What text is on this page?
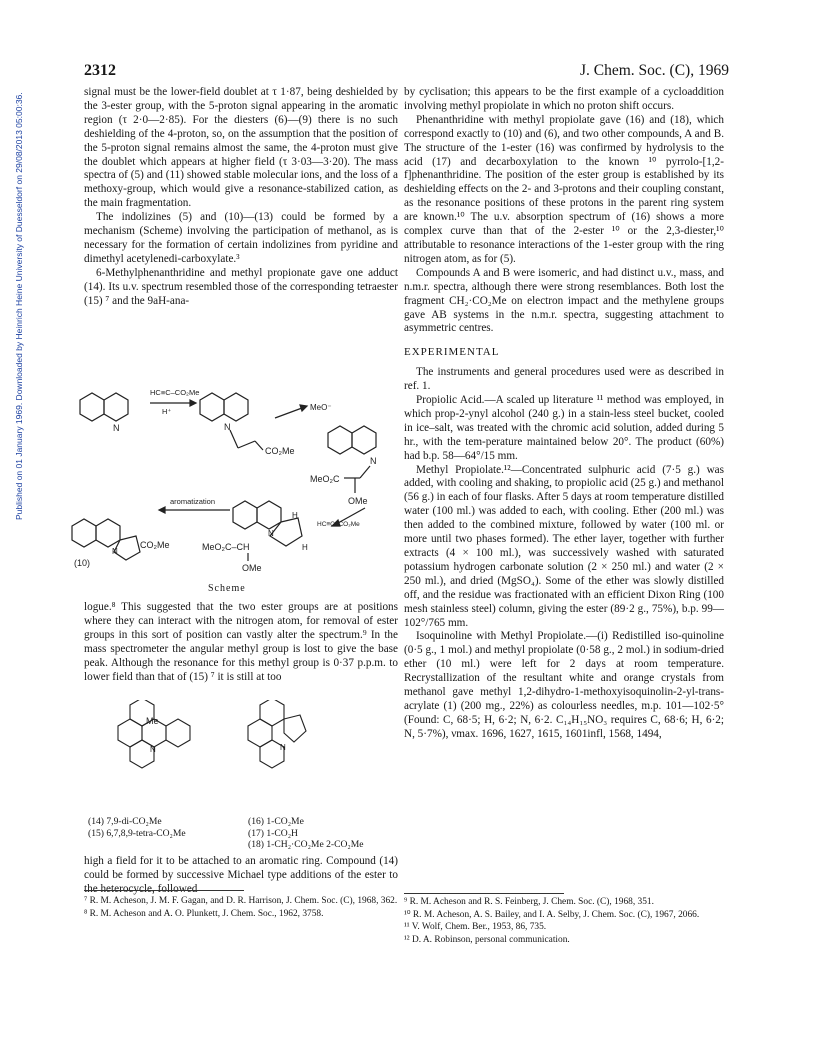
2312	J. Chem. Soc. (C), 1969
Published on 01 January 1969. Downloaded by Heinrich Heine University of Duesseldorf on 29/08/2013 05:00:36.

signal must be the lower-field doublet at τ 1·87, being deshielded by the 3-ester group, with the 5-proton signal appearing in the aromatic region (τ 2·0—2·85). For the diesters (6)—(9) there is no such deshielding of the 4-proton, so, on the assumption that the position of the 5-proton signal remains almost the same, the 4-proton must give the doublet which appears at higher field (τ 3·03—3·20). The mass spectra of (5) and (11) showed stable molecular ions, and the loss of a methoxy-group, which would give a resonance-stabilized cation, as the main fragmentation.

The indolizines (5) and (10)—(13) could be formed by a mechanism (Scheme) involving the participation of methanol, as is necessary for the formation of certain indolizines from pyridine and dimethyl acetylenedi-carboxylate.³

6-Methylphenanthridine and methyl propionate gave one adduct (14). Its u.v. spectrum resembled those of the corresponding tetraester (15) ⁷ and the 9aH-ana-

N
HC≡C–CO₂Me
H⁺
N
CO₂Me
MeO⁻
N
MeO₂C
OMe
HC≡C–CO₂Me
N
H
H
MeO₂C–CH
OMe
aromatization
N
CO₂Me
(10)
Scheme

logue.⁸ This suggested that the two ester groups are at positions where they can interact with the nitrogen atom, for removal of ester groups in this sort of position can vastly alter the spectrum.⁹ In the mass spectrometer the angular methyl group is lost to give the base peak. Although the resonance for this methyl group is 0·37 p.p.m. to lower field than that of (15) ⁷ it is still at too

Me
N	N
(14) 7,9-di-CO₂Me
(15) 6,7,8,9-tetra-CO₂Me
(16) 1-CO₂Me
(17) 1-CO₂H
(18) 1-CH₂·CO₂Me 2-CO₂Me

high a field for it to be attached to an aromatic ring. Compound (14) could be formed by successive Michael type additions of the ester to the heterocycle, followed

⁷ R. M. Acheson, J. M. F. Gagan, and D. R. Harrison, J. Chem. Soc. (C), 1968, 362.

⁸ R. M. Acheson and A. O. Plunkett, J. Chem. Soc., 1962, 3758.

by cyclisation; this appears to be the first example of a cycloaddition involving methyl propiolate in which no proton shift occurs.

Phenanthridine with methyl propiolate gave (16) and (18), which correspond exactly to (10) and (6), and two other compounds, A and B. The structure of the 1-ester (16) was confirmed by hydrolysis to the acid (17) and decarboxylation to the known ¹⁰ pyrrolo-[1,2-f]phenanthridine. The position of the ester group is established by its deshielding effects on the 2- and 3-protons and their coupling constant, as the resonance positions of these protons in the parent ring system are known.¹⁰ The u.v. absorption spectrum of (16) shows a more complex curve than that of the 2-ester ¹⁰ or the 2,3-diester,¹⁰ attributable to resonance interactions of the 1-ester group with the ring nitrogen atom, as for (5).

Compounds A and B were isomeric, and had distinct u.v., mass, and n.m.r. spectra, although there were strong resemblances. Both lost the fragment CH₂·CO₂Me on electron impact and the methylene groups gave AB systems in the n.m.r. spectra, suggesting attachment to asymmetric centres.

EXPERIMENTAL

The instruments and general procedures used were as described in ref. 1.

Propiolic Acid.—A scaled up literature ¹¹ method was employed, in which prop-2-ynyl alcohol (240 g.) in a stain-less steel bucket, cooled in ice–salt, was treated with the chromic acid solution, added during 5 hr., with the tem-perature maintained below 20°. The product (60%) had b.p. 58—64°/15 mm.

Methyl Propiolate.¹²—Concentrated sulphuric acid (7·5 g.) was added, with cooling and shaking, to propiolic acid (25 g.) and methanol (56 g.) in each of four flasks. After 5 days at room temperature distilled water (100 ml.) was added to each, with cooling. Ether (200 ml.) was then added to the combined mixture, followed by water (100 ml. or more until two phases formed). The ether layer, together with further extracts (4 × 100 ml.), was successively washed with saturated potassium hydrogen carbonate solution (2 × 250 ml.) and water (2 × 250 ml.), and dried (MgSO₄). Some of the ether was slowly distilled off, and the residue was fractionated with an efficient Dixon Ring (100 mesh stainless steel) column, giving the ester (89·2 g., 75%), b.p. 99—102°/765 mm.

Isoquinoline with Methyl Propiolate.—(i) Redistilled iso-quinoline (0·5 g., 1 mol.) and methyl propiolate (0·58 g., 2 mol.) in sodium-dried ether (10 ml.) were left for 2 days at room temperature. Recrystallization of the resultant white and orange crystals from methanol gave methyl 1,2-dihydro-1-methoxyisoquinolin-2-yl-trans-acrylate (1) (200 mg., 22%) as colourless needles, m.p. 101—102·5° (Found: C, 68·5; H, 6·2; N, 6·2. C₁₄H₁₅NO₃ requires C, 68·6; H, 6·2; N, 5·7%), νmax. 1696, 1627, 1615, 1601infl, 1568, 1494,

⁹ R. M. Acheson and R. S. Feinberg, J. Chem. Soc. (C), 1968, 351.

¹⁰ R. M. Acheson, A. S. Bailey, and I. A. Selby, J. Chem. Soc. (C), 1967, 2066.

¹¹ V. Wolf, Chem. Ber., 1953, 86, 735.

¹² D. A. Robinson, personal communication.
